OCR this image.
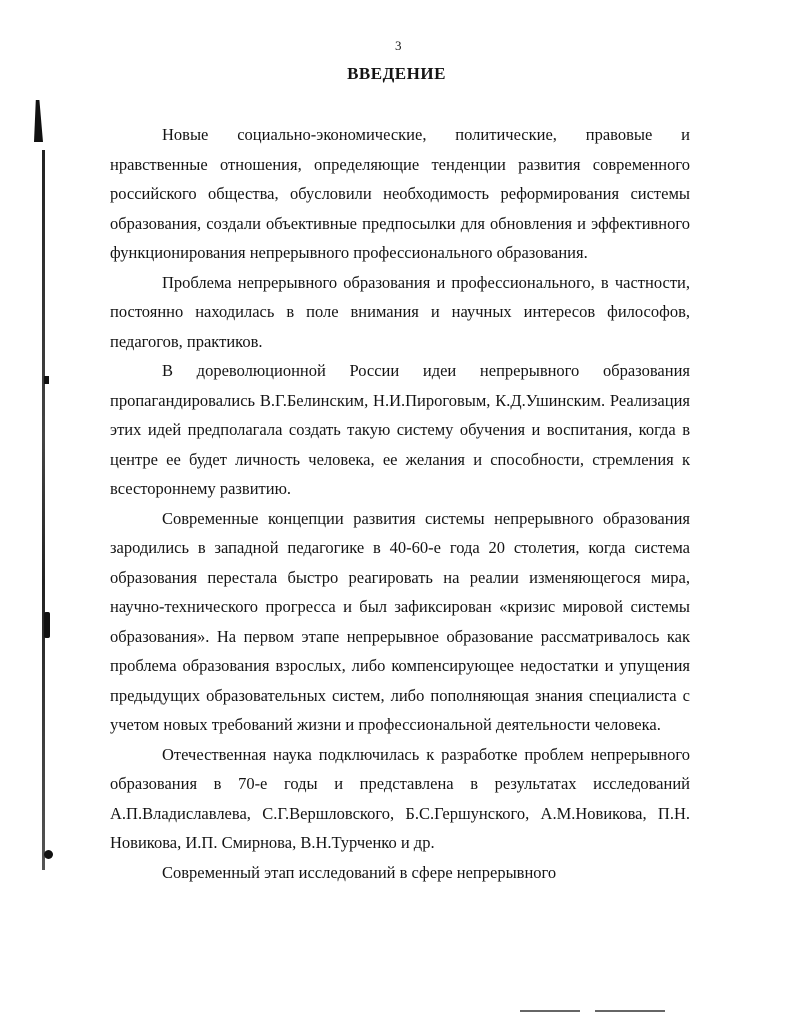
3
ВВЕДЕНИЕ

Новые социально-экономические, политические, правовые и нравственные отношения, определяющие тенденции развития современного российского общества, обусловили необходимость реформирования системы образования, создали объективные предпосылки для обновления и эффективного функционирования непрерывного профессионального образования.

Проблема непрерывного образования и профессионального, в частности, постоянно находилась в поле внимания и научных интересов философов, педагогов, практиков.

В дореволюционной России идеи непрерывного образования пропагандировались В.Г.Белинским, Н.И.Пироговым, К.Д.Ушинским. Реализация этих идей предполагала создать такую систему обучения и воспитания, когда в центре ее будет личность человека, ее желания и способности, стремления к всестороннему развитию.

Современные концепции развития системы непрерывного образования зародились в западной педагогике в 40-60-е года 20 столетия, когда система образования перестала быстро реагировать на реалии изменяющегося мира, научно-технического прогресса и был зафиксирован «кризис мировой системы образования». На первом этапе непрерывное образование рассматривалось как проблема образования взрослых, либо компенсирующее недостатки и упущения предыдущих образовательных систем, либо пополняющая знания специалиста с учетом новых требований жизни и профессиональной деятельности человека.

Отечественная наука подключилась к разработке проблем непрерывного образования в 70-е годы и представлена в результатах исследований А.П.Владиславлева, С.Г.Вершловского, Б.С.Гершунского, А.М.Новикова, П.Н. Новикова, И.П. Смирнова, В.Н.Турченко и др.

Современный этап исследований в сфере непрерывного
